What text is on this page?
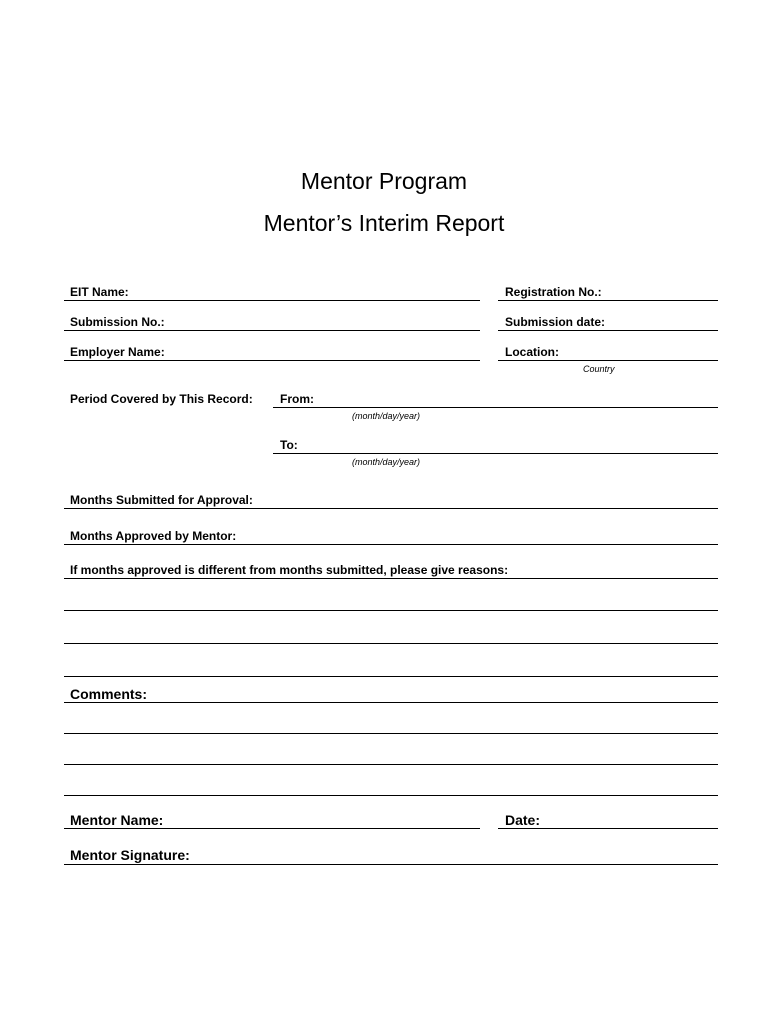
Mentor Program
Mentor’s Interim Report
EIT Name:	Registration No.:
Submission No.:	Submission date:
Employer Name:	Location:
Country
Period Covered by This Record: From:
(month/day/year)
To:
(month/day/year)
Months Submitted for Approval:
Months Approved by Mentor:
If months approved is different from months submitted, please give reasons:
Comments:
Mentor Name:	Date:
Mentor Signature:
